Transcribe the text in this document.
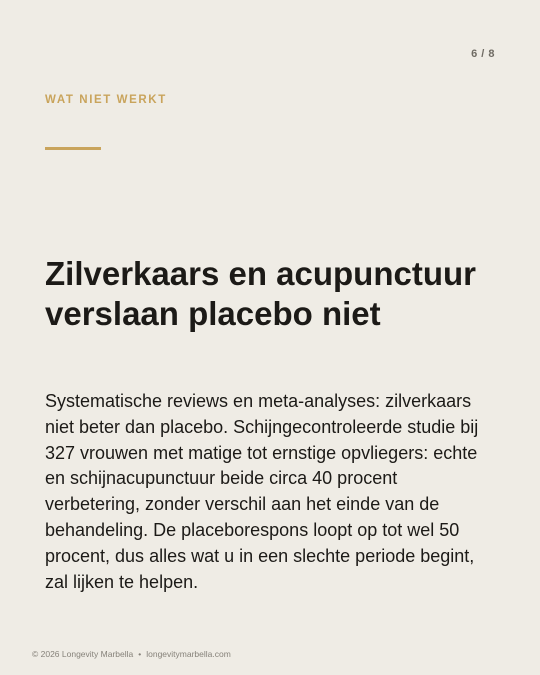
6 / 8
WAT NIET WERKT
Zilverkaars en acupunctuur
verslaan placebo niet

Systematische reviews en meta-analyses: zilverkaars niet beter dan placebo. Schijngecontroleerde studie bij 327 vrouwen met matige tot ernstige opvliegers: echte en schijnacupunctuur beide circa 40 procent verbetering, zonder verschil aan het einde van de behandeling. De placeborespons loopt op tot wel 50 procent, dus alles wat u in een slechte periode begint, zal lijken te helpen.

© 2026 Longevity Marbella • longevitymarbella.com
